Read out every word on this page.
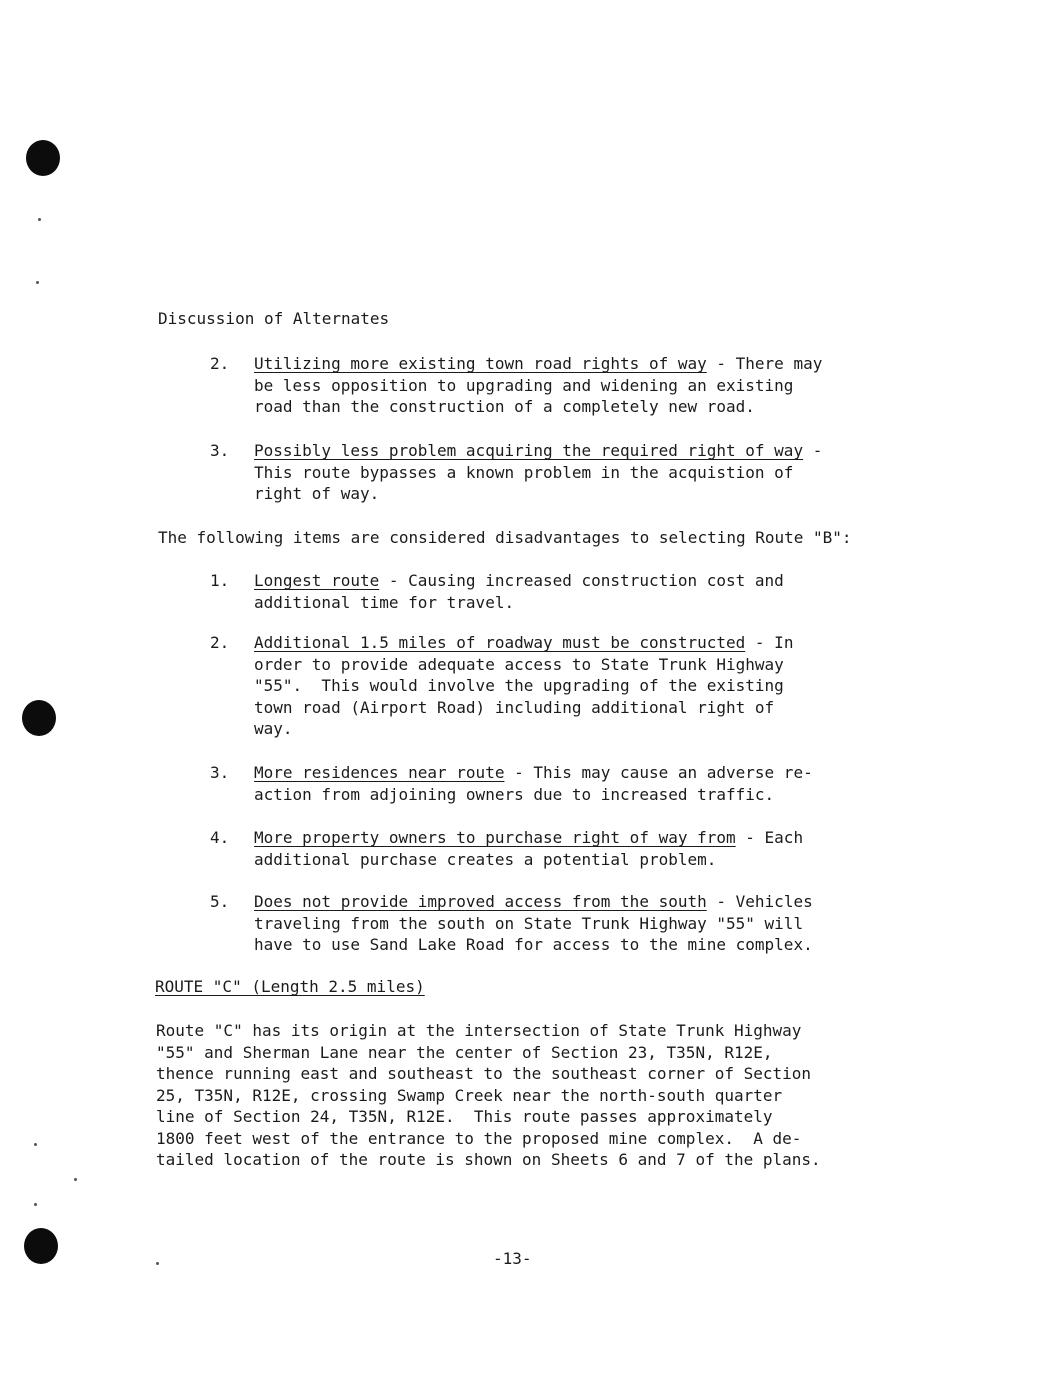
Discussion of Alternates
2.	Utilizing more existing town road rights of way - There may
be less opposition to upgrading and widening an existing
road than the construction of a completely new road.
3.	Possibly less problem acquiring the required right of way -
This route bypasses a known problem in the acquistion of
right of way.
The following items are considered disadvantages to selecting Route "B":
1.	Longest route - Causing increased construction cost and
additional time for travel.
2.	Additional 1.5 miles of roadway must be constructed - In
order to provide adequate access to State Trunk Highway
"55".  This would involve the upgrading of the existing
town road (Airport Road) including additional right of
way.
3.	More residences near route - This may cause an adverse re-
action from adjoining owners due to increased traffic.
4.	More property owners to purchase right of way from - Each
additional purchase creates a potential problem.
5.	Does not provide improved access from the south - Vehicles
traveling from the south on State Trunk Highway "55" will
have to use Sand Lake Road for access to the mine complex.
ROUTE "C" (Length 2.5 miles)
Route "C" has its origin at the intersection of State Trunk Highway
"55" and Sherman Lane near the center of Section 23, T35N, R12E,
thence running east and southeast to the southeast corner of Section
25, T35N, R12E, crossing Swamp Creek near the north-south quarter
line of Section 24, T35N, R12E.  This route passes approximately
1800 feet west of the entrance to the proposed mine complex.  A de-
tailed location of the route is shown on Sheets 6 and 7 of the plans.
-13-
